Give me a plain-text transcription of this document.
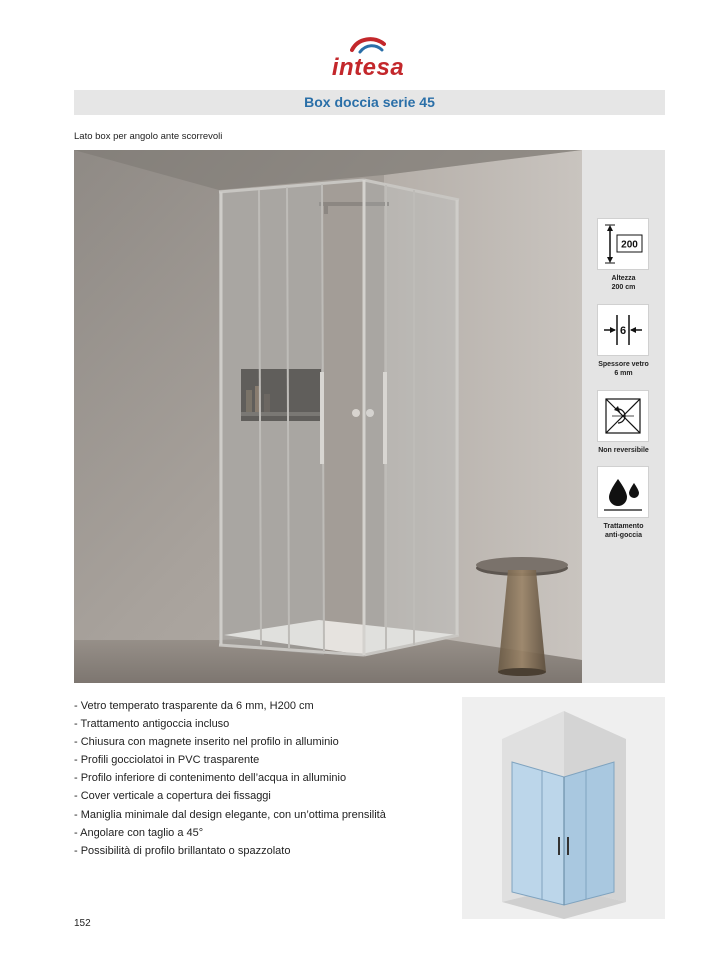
intesa
Box doccia serie 45
Lato box per angolo ante scorrevoli
200
Altezza
200 cm
6
Spessore vetro
6 mm
Non reversibile
Trattamento
anti-goccia
- Vetro temperato trasparente da 6 mm, H200 cm
- Trattamento antigoccia incluso
- Chiusura con magnete inserito nel profilo in alluminio
- Profili gocciolatoi in PVC trasparente
- Profilo inferiore di contenimento dell’acqua in alluminio
- Cover verticale a copertura dei fissaggi
- Maniglia minimale dal design elegante, con un’ottima prensilità
- Angolare con taglio a 45°
- Possibilità di profilo brillantato o spazzolato
152
